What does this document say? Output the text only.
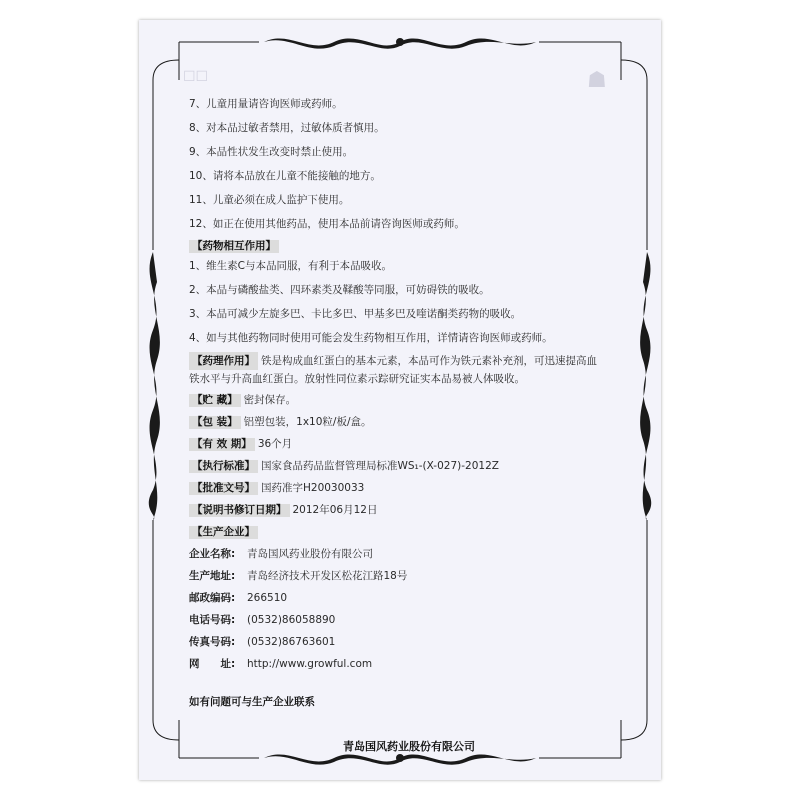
☐☐	☗
7、儿童用量请咨询医师或药师。
8、对本品过敏者禁用，过敏体质者慎用。
9、本品性状发生改变时禁止使用。
10、请将本品放在儿童不能接触的地方。
11、儿童必须在成人监护下使用。
12、如正在使用其他药品，使用本品前请咨询医师或药师。
【药物相互作用】
1、维生素C与本品同服，有利于本品吸收。
2、本品与磷酸盐类、四环素类及鞣酸等同服，可妨碍铁的吸收。
3、本品可减少左旋多巴、卡比多巴、甲基多巴及喹诺酮类药物的吸收。
4、如与其他药物同时使用可能会发生药物相互作用，详情请咨询医师或药师。
【药理作用】 铁是构成血红蛋白的基本元素，本品可作为铁元素补充剂，可迅速提高血
铁水平与升高血红蛋白。放射性同位素示踪研究证实本品易被人体吸收。
【贮 藏】 密封保存。
【包 装】 铝塑包装，1x10粒/板/盒。
【有 效 期】 36个月
【执行标准】 国家食品药品监督管理局标准WS₁-(X-027)-2012Z
【批准文号】 国药准字H20030033
【说明书修订日期】 2012年06月12日
【生产企业】
企业名称: 青岛国风药业股份有限公司
生产地址: 青岛经济技术开发区松花江路18号
邮政编码: 266510
电话号码: (0532)86058890
传真号码: (0532)86763601
网　　址: http://www.growful.com
如有问题可与生产企业联系
青岛国风药业股份有限公司
